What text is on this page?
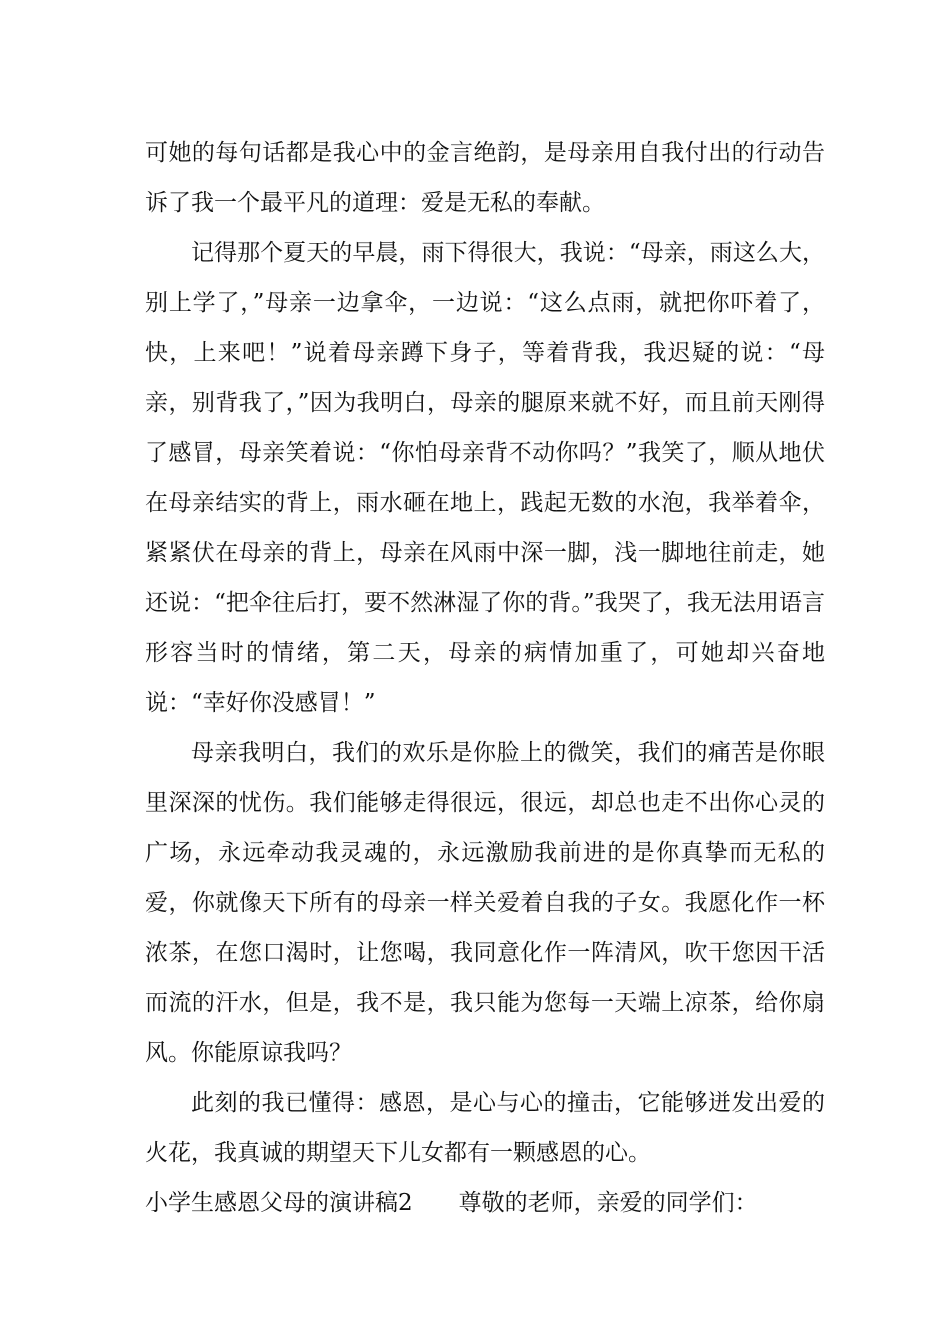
可她的每句话都是我心中的金言绝韵，是母亲用自我付出的行动告诉了我一个最平凡的道理：爱是无私的奉献。

记得那个夏天的早晨，雨下得很大，我说：“母亲，雨这么大，别上学了，”母亲一边拿伞，一边说：“这么点雨，就把你吓着了，快，上来吧！”说着母亲蹲下身子，等着背我，我迟疑的说：“母亲，别背我了，”因为我明白，母亲的腿原来就不好，而且前天刚得了感冒，母亲笑着说：“你怕母亲背不动你吗？”我笑了，顺从地伏在母亲结实的背上，雨水砸在地上，践起无数的水泡，我举着伞，紧紧伏在母亲的背上，母亲在风雨中深一脚，浅一脚地往前走，她还说：“把伞往后打，要不然淋湿了你的背。”我哭了，我无法用语言形容当时的情绪，第二天，母亲的病情加重了，可她却兴奋地说：“幸好你没感冒！”

母亲我明白，我们的欢乐是你脸上的微笑，我们的痛苦是你眼里深深的忧伤。我们能够走得很远，很远，却总也走不出你心灵的广场，永远牵动我灵魂的，永远激励我前进的是你真挚而无私的爱，你就像天下所有的母亲一样关爱着自我的子女。我愿化作一杯浓茶，在您口渴时，让您喝，我同意化作一阵清风，吹干您因干活而流的汗水，但是，我不是，我只能为您每一天端上凉茶，给你扇风。你能原谅我吗？

此刻的我已懂得：感恩，是心与心的撞击，它能够迸发出爱的火花，我真诚的期望天下儿女都有一颗感恩的心。

小学生感恩父母的演讲稿2 尊敬的老师，亲爱的同学们：
